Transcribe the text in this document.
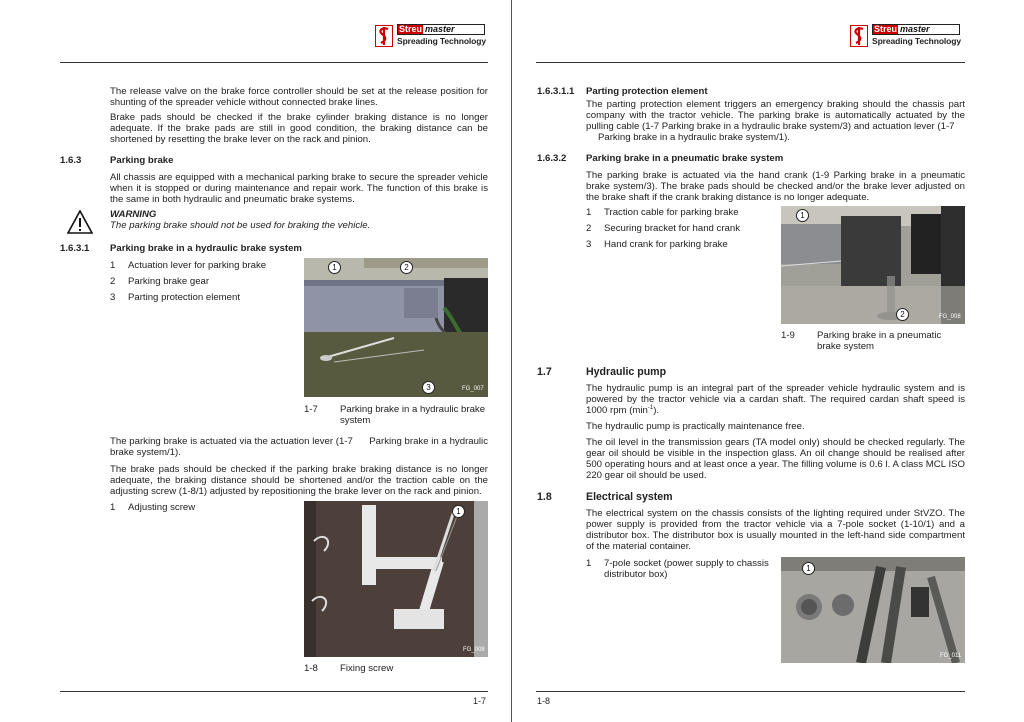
Streu master
Spreading Technology

The release valve on the brake force controller should be set at the release position for shunting of the spreader vehicle without connected brake lines.

Brake pads should be checked if the brake cylinder braking distance is no longer adequate. If the brake pads are still in good condition, the braking distance can be shortened by resetting the brake lever on the rack and pinion.

1.6.3	Parking brake

All chassis are equipped with a mechanical parking brake to secure the spreader vehicle when it is stopped or during maintenance and repair work. The function of this brake is the same in both hydraulic and pneumatic brake systems.

WARNING
The parking brake should not be used for braking the vehicle.
1.6.3.1 Parking brake in a hydraulic brake system
1	Actuation lever for parking brake
2	Parking brake gear
3	Parting protection element
1	2
3	FG_007
1-7	Parking brake in a hydraulic brake system

The parking brake is actuated via the actuation lever (1-7      Parking brake in a hydraulic brake system/1).

The brake pads should be checked if the parking brake braking distance is no longer adequate, the braking distance should be shortened and/or the traction cable on the adjusting screw (1-8/1) adjusted by repositioning the brake lever on the rack and pinion.

1	Adjusting screw	1
FG_008
1-8	Fixing screw
1-7
Streu master
Spreading Technology
1.6.3.1.1 Parting protection element

The parting protection element triggers an emergency braking should the chassis part company with the tractor vehicle. The parking brake is automatically actuated by the pulling cable (1-7 Parking brake in a hydraulic brake system/3) and actuation lever (1-7

Parking brake in a hydraulic brake system/1).

1.6.3.2 Parking brake in a pneumatic brake system

The parking brake is actuated via the hand crank (1-9 Parking brake in a pneumatic brake system/3). The brake pads should be checked and/or the brake lever adjusted on the brake shaft if the crank braking distance is no longer adequate.

1	Traction cable for parking brake
2	Securing bracket for hand crank
3	Hand crank for parking brake
1
2	FG_008
1-9	Parking brake in a pneumatic brake system
1.7	Hydraulic pump

The hydraulic pump is an integral part of the spreader vehicle hydraulic system and is powered by the tractor vehicle via a cardan shaft. The required cardan shaft speed is 1000 rpm $(\min^{-1})$.

The hydraulic pump is practically maintenance free.

The oil level in the transmission gears (TA model only) should be checked regularly. The gear oil should be visible in the inspection glass. An oil change should be realised after 500 operating hours and at least once a year. The filling volume is 0.6 l. A class MCL ISO 220 gear oil should be used.

1.8	Electrical system

The electrical system on the chassis consists of the lighting required under StVZO. The power supply is provided from the tractor vehicle via a 7-pole socket (1-10/1) and a distributor box. The distributor box is usually mounted in the left-hand side compartment of the material container.

1	7-pole socket (power supply to chassis distributor box)
1
FG_011
1-8
